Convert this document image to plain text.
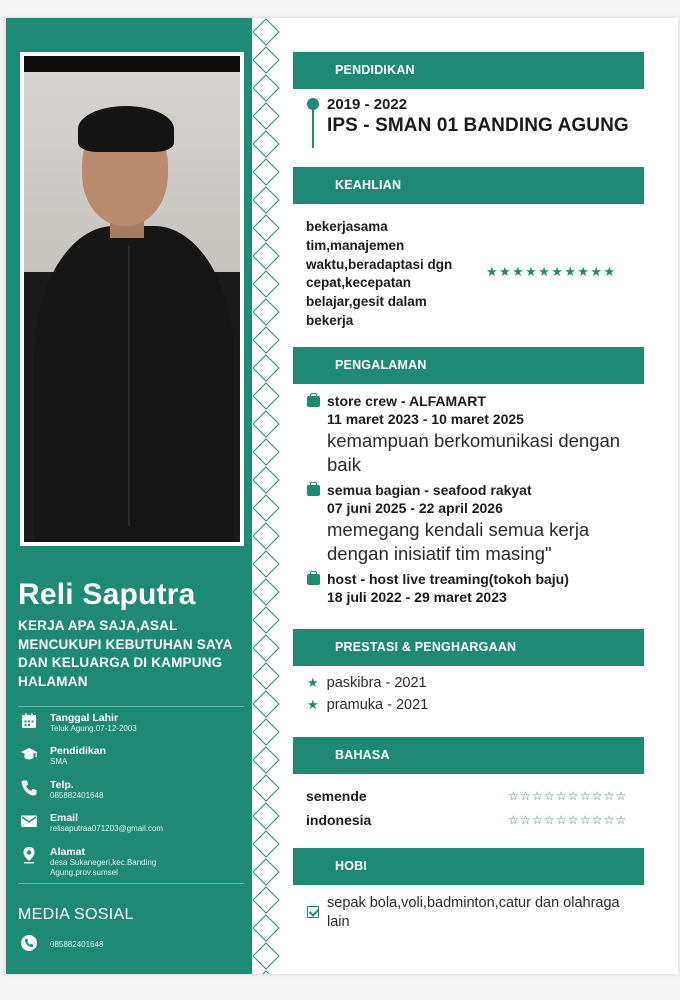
Reli Saputra
KERJA APA SAJA,ASAL MENCUKUPI KEBUTUHAN SAYA DAN KELUARGA DI KAMPUNG HALAMAN
Tanggal Lahir
Teluk Agung,07-12-2003
Pendidikan
SMA
Telp.
085882401648
Email
relisaputraa071203@gmail.com
Alamat
desa Sukanegeri,kec.Banding Agung,prov.sumsel
MEDIA SOSIAL
085882401648
PENDIDIKAN
2019 - 2022
IPS - SMAN 01 BANDING AGUNG
KEAHLIAN
bekerjasama tim,manajemen waktu,beradaptasi dgn cepat,kecepatan belajar,gesit dalam bekerja
★★★★★★★★★★
PENGALAMAN
store crew - ALFAMART
11 maret 2023 - 10 maret 2025
kemampuan berkomunikasi dengan baik
semua bagian - seafood rakyat
07 juni 2025 - 22 april 2026
memegang kendali semua kerja dengan inisiatif tim masing"
host - host live treaming(tokoh baju)
18 juli 2022 - 29 maret 2023
PRESTASI & PENGHARGAAN
★ paskibra - 2021
★ pramuka - 2021
BAHASA
semende	☆☆☆☆☆☆☆☆☆☆
indonesia	☆☆☆☆☆☆☆☆☆☆
HOBI
sepak bola,voli,badminton,catur dan olahraga lain
